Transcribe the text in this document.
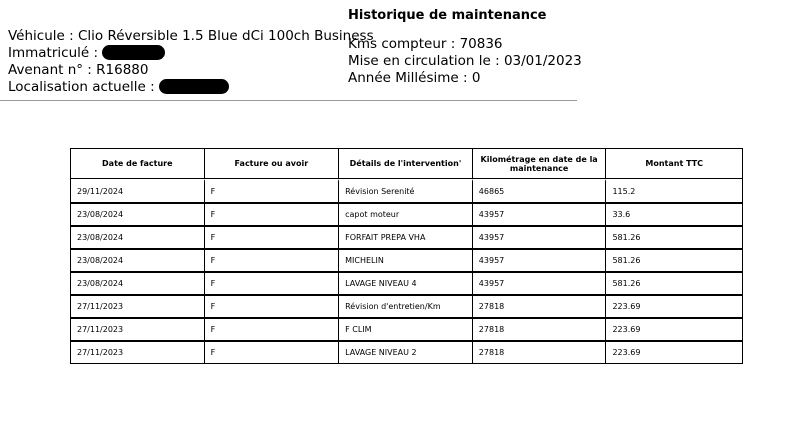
Véhicule : Clio Réversible 1.5 Blue dCi 100ch Business
Immatriculé :
Avenant n° : R16880
Localisation actuelle :
Historique de maintenance
Kms compteur : 70836
Mise en circulation le : 03/01/2023
Année Millésime : 0
Date de facture	Facture ou avoir	Détails de l'intervention'	Kilométrage en date de la maintenance	Montant TTC
29/11/2024	F	Révision Serenité	46865	115.2
23/08/2024	F	capot moteur	43957	33.6
23/08/2024	F	FORFAIT PREPA VHA	43957	581.26
23/08/2024	F	MICHELIN	43957	581.26
23/08/2024	F	LAVAGE NIVEAU 4	43957	581.26
27/11/2023	F	Révision d'entretien/Km	27818	223.69
27/11/2023	F	F CLIM	27818	223.69
27/11/2023	F	LAVAGE NIVEAU 2	27818	223.69
